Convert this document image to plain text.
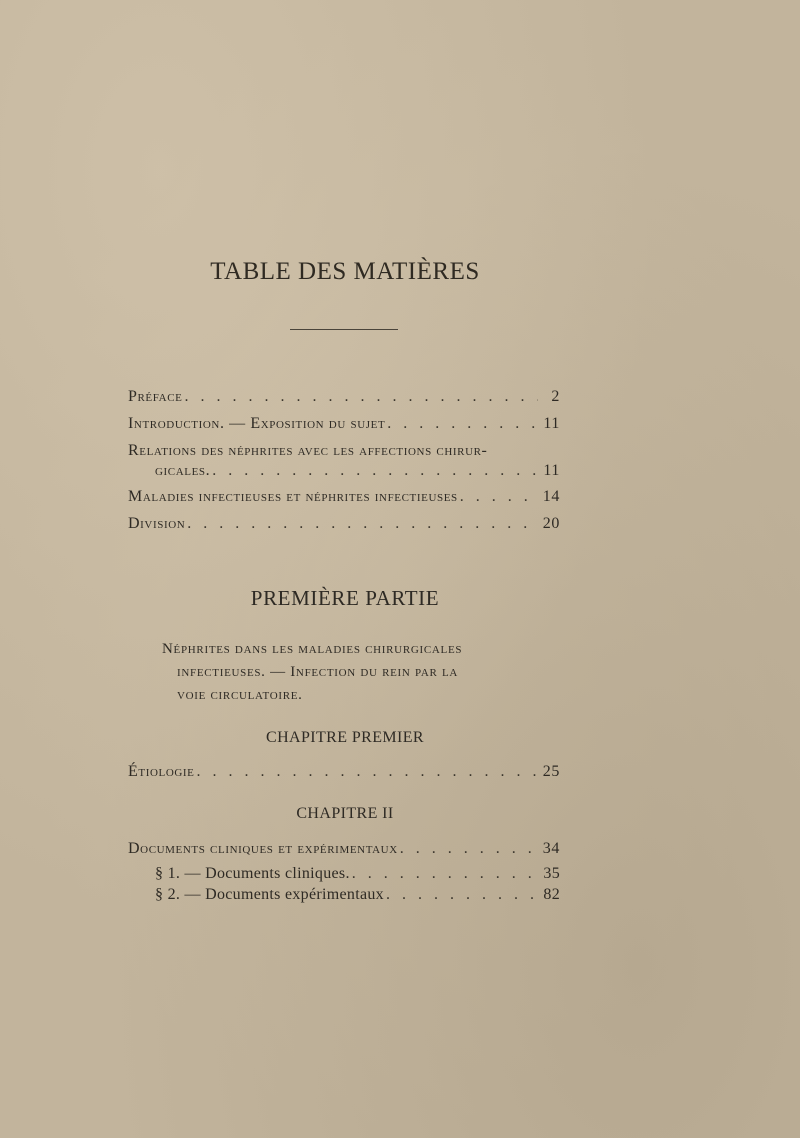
TABLE DES MATIÈRES
Préface . . .	2
Introduction. — Exposition du sujet . . .	11
Relations des néphrites avec les affections chirur-
gicales. . . .	11
Maladies infectieuses et néphrites infectieuses . . .	14
Division . . .	20
PREMIÈRE PARTIE
Néphrites dans les maladies chirurgicales
infectieuses. — Infection du rein par la
voie circulatoire.
CHAPITRE PREMIER
Étiologie . . .	25
CHAPITRE II
Documents cliniques et expérimentaux . . .	34
§ 1. — Documents cliniques. . . .	35
§ 2. — Documents expérimentaux . . .	82
